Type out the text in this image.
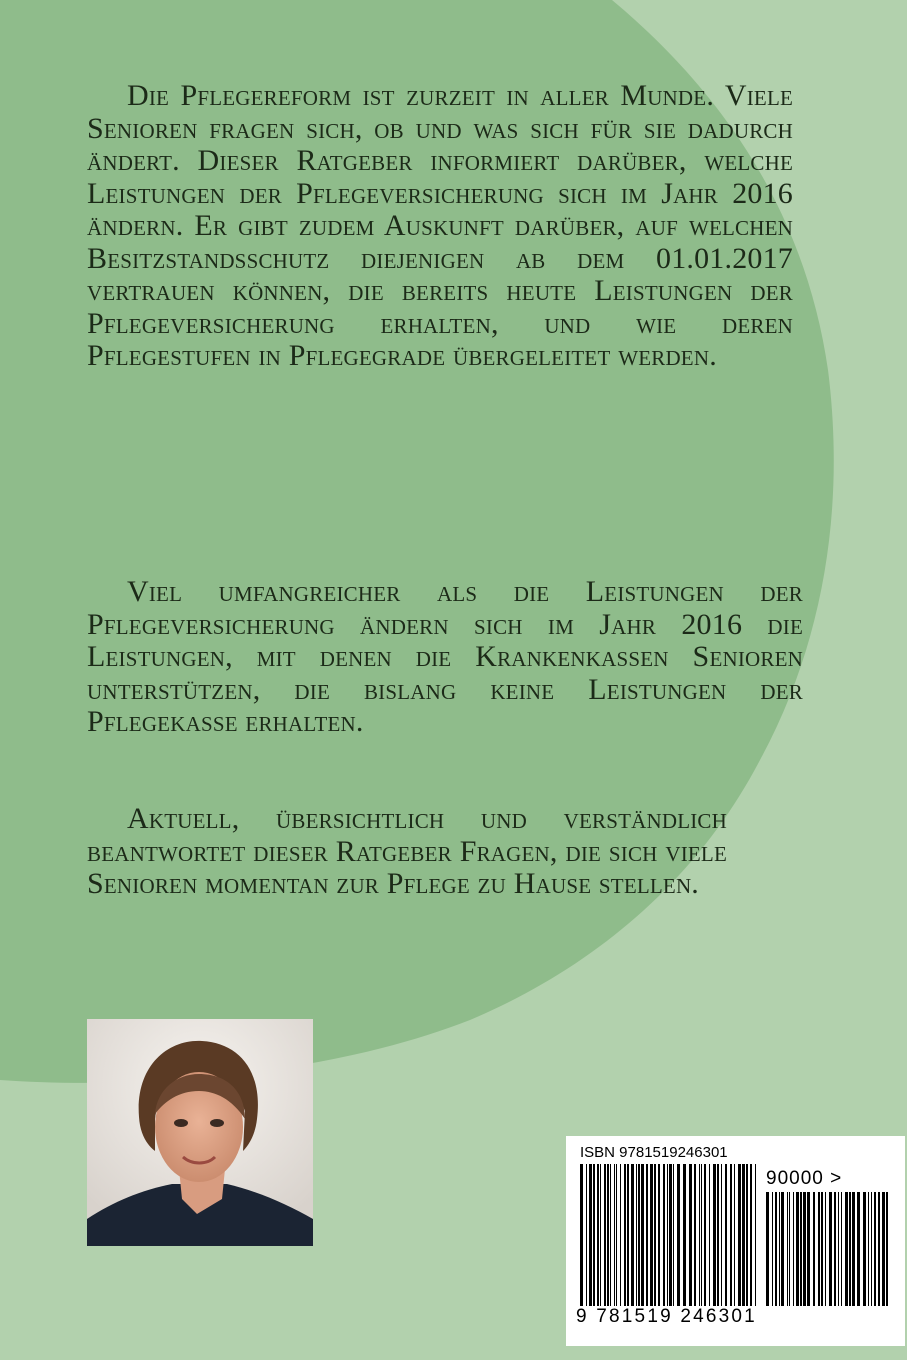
Die Pflegereform ist zurzeit in aller Munde. Viele Senioren fragen sich, ob und was sich für sie dadurch ändert. Dieser Ratgeber informiert darüber, welche Leistungen der Pflegeversicherung sich im Jahr 2016 ändern. Er gibt zudem Auskunft darüber, auf welchen Besitzstandsschutz diejenigen ab dem 01.01.2017 vertrauen können, die bereits heute Leistungen der Pflegeversicherung erhalten, und wie deren Pflegestufen in Pflegegrade übergeleitet werden.

Viel umfangreicher als die Leistungen der Pflegeversicherung ändern sich im Jahr 2016 die Leistungen, mit denen die Krankenkassen Senioren unterstützen, die bislang keine Leistungen der Pflegekasse erhalten.

Aktuell, übersichtlich und verständlich beantwortet dieser Ratgeber Fragen, die sich viele Senioren momentan zur Pflege zu Hause stellen.

ISBN 9781519246301
90000 >
9 781519 246301
